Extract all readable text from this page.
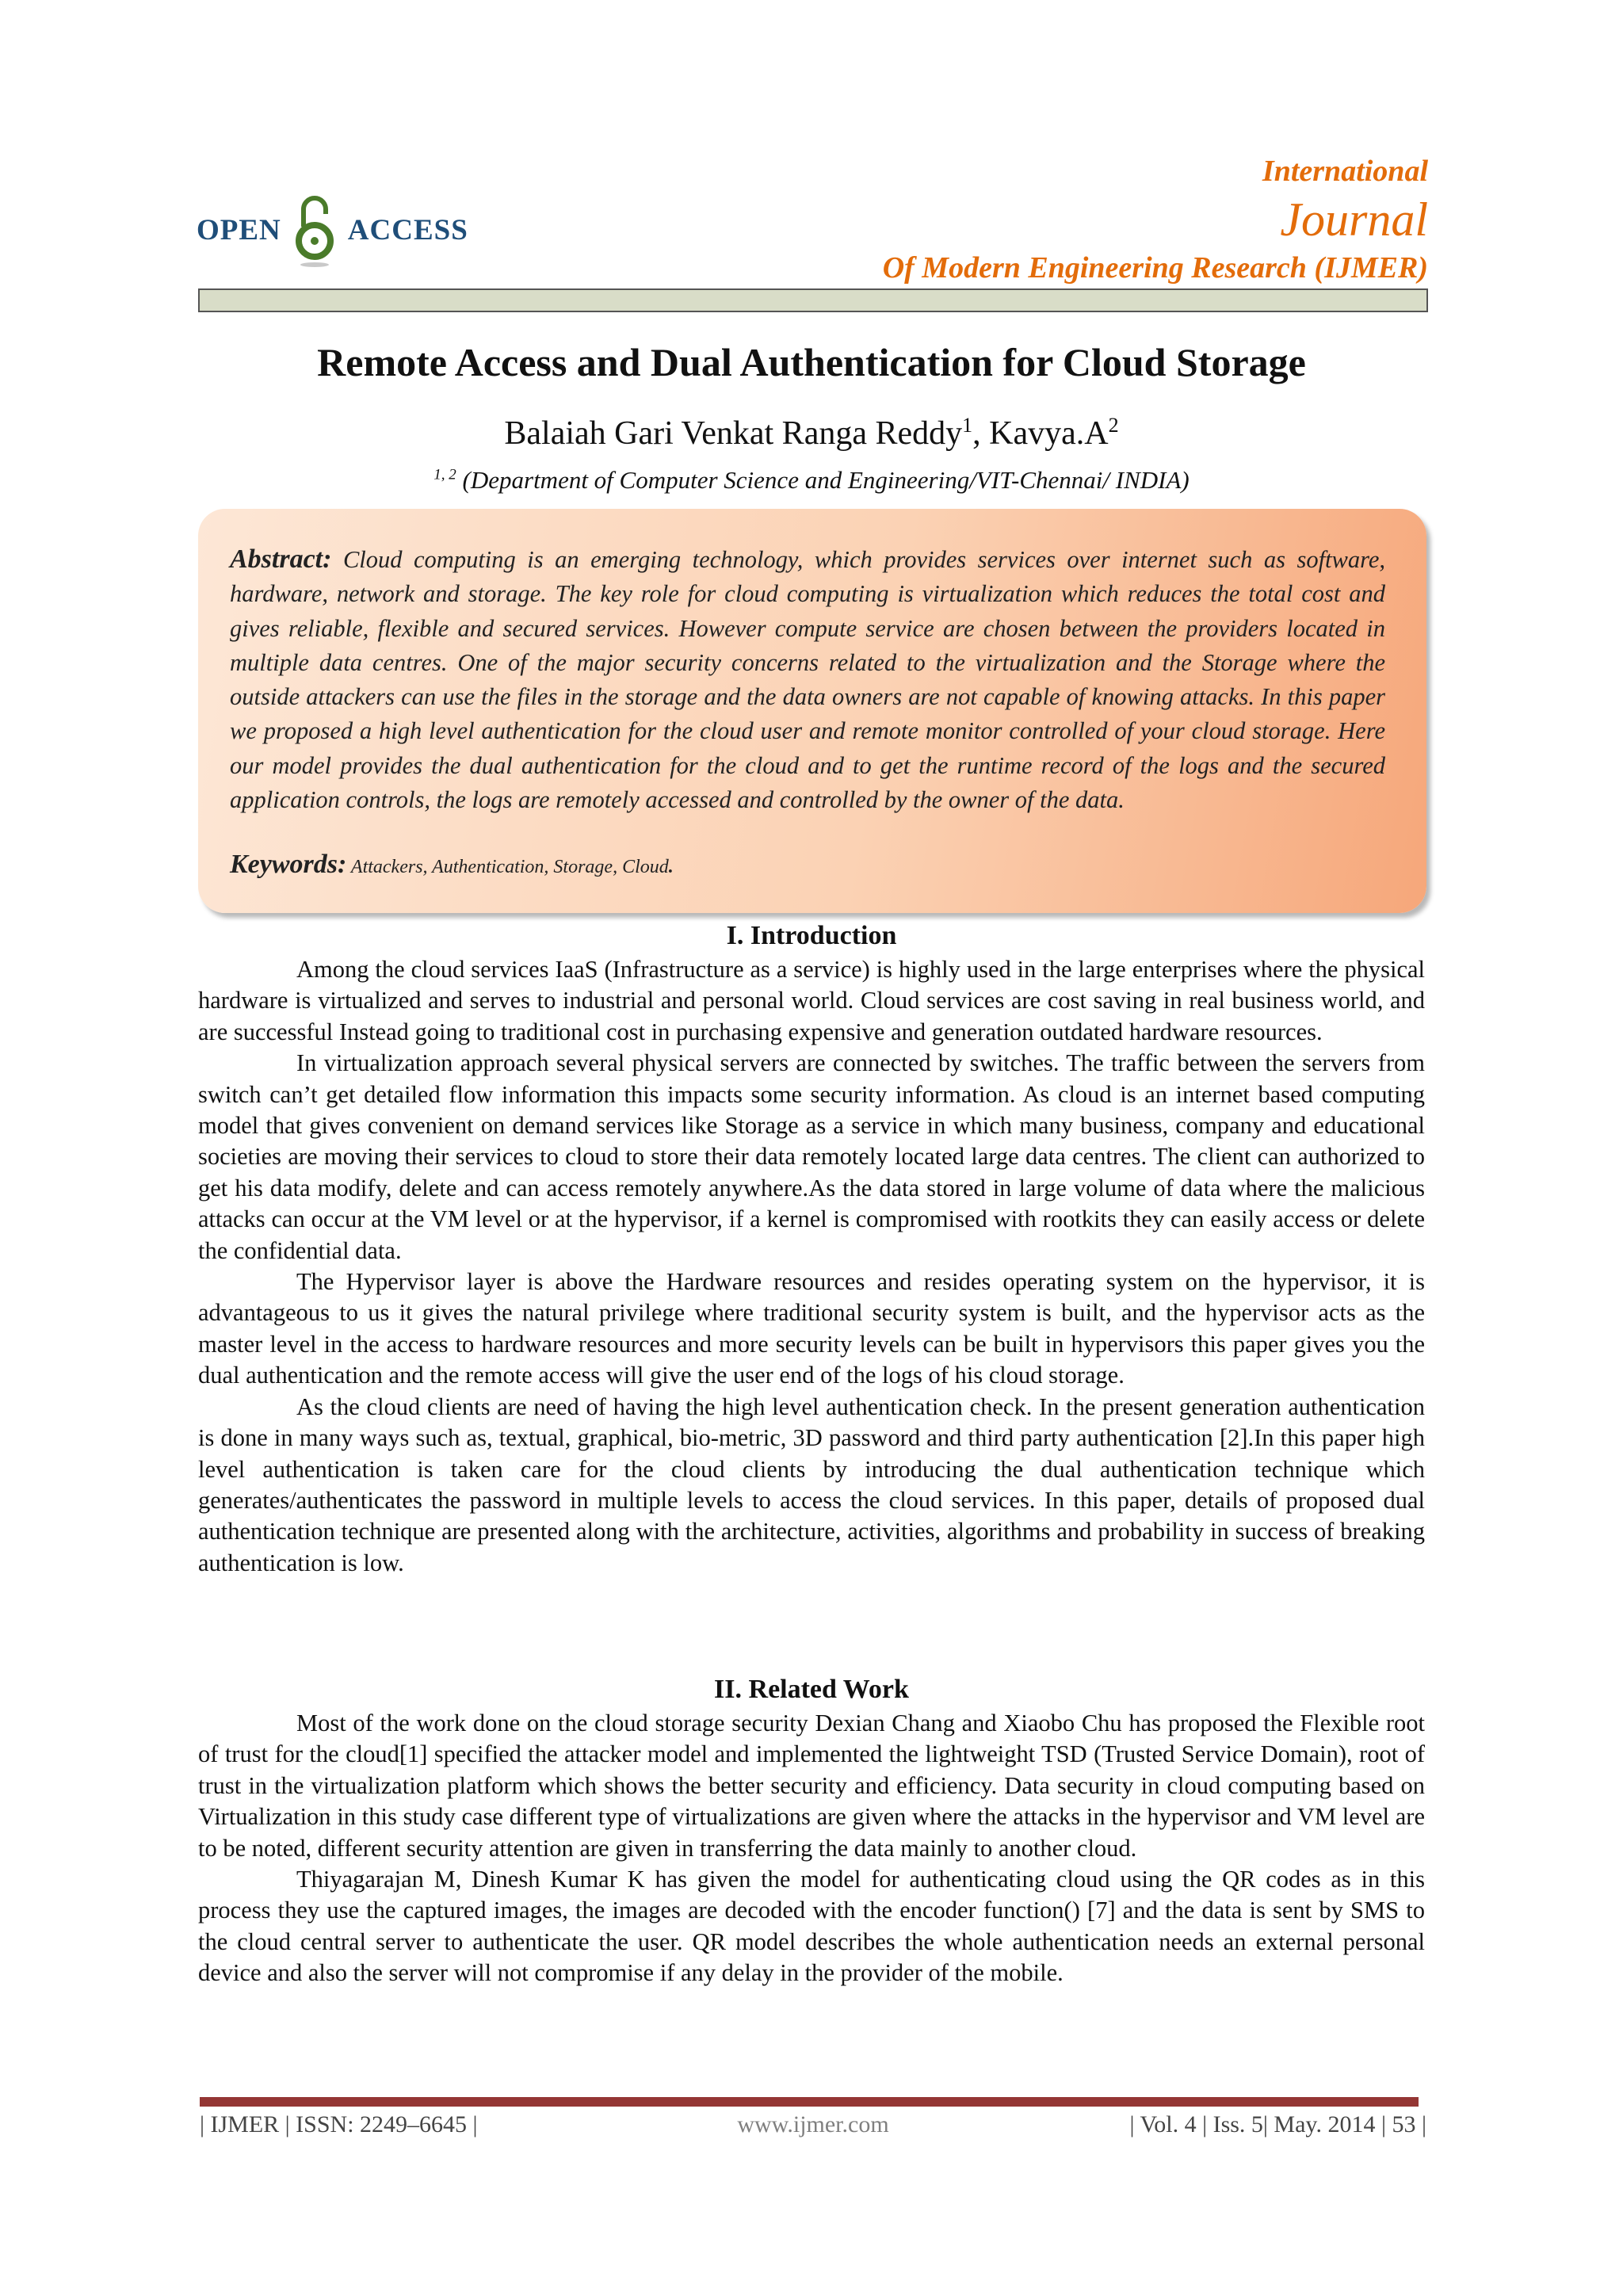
OPEN ACCESS
International
Journal
Of Modern Engineering Research (IJMER)
Remote Access and Dual Authentication for Cloud Storage
Balaiah Gari Venkat Ranga Reddy$^1$, $Kavya.A^2$
$^{1, 2}$ (Department of Computer Science and Engineering/VIT-Chennai/ INDIA)
Abstract: Cloud computing is an emerging technology, which provides services over internet such as software, hardware, network and storage. The key role for cloud computing is virtualization which reduces the total cost and gives reliable, flexible and secured services. However compute service are chosen between the providers located in multiple data centres. One of the major security concerns related to the virtualization and the Storage where the outside attackers can use the files in the storage and the data owners are not capable of knowing attacks. In this paper we proposed a high level authentication for the cloud user and remote monitor controlled of your cloud storage. Here our model provides the dual authentication for the cloud and to get the runtime record of the logs and the secured application controls, the logs are remotely accessed and controlled by the owner of the data.
Keywords: Attackers, Authentication, Storage, Cloud.
I. Introduction

Among the cloud services IaaS (Infrastructure as a service) is highly used in the large enterprises where the physical hardware is virtualized and serves to industrial and personal world. Cloud services are cost saving in real business world, and are successful Instead going to traditional cost in purchasing expensive and generation outdated hardware resources.

In virtualization approach several physical servers are connected by switches. The traffic between the servers from switch can’t get detailed flow information this impacts some security information. As cloud is an internet based computing model that gives convenient on demand services like Storage as a service in which many business, company and educational societies are moving their services to cloud to store their data remotely located large data centres. The client can authorized to get his data modify, delete and can access remotely anywhere.As the data stored in large volume of data where the malicious attacks can occur at the VM level or at the hypervisor, if a kernel is compromised with rootkits they can easily access or delete the confidential data.

The Hypervisor layer is above the Hardware resources and resides operating system on the hypervisor, it is advantageous to us it gives the natural privilege where traditional security system is built, and the hypervisor acts as the master level in the access to hardware resources and more security levels can be built in hypervisors this paper gives you the dual authentication and the remote access will give the user end of the logs of his cloud storage.

As the cloud clients are need of having the high level authentication check. In the present generation authentication is done in many ways such as, textual, graphical, bio-metric, 3D password and third party authentication [2].In this paper high level authentication is taken care for the cloud clients by introducing the dual authentication technique which generates/authenticates the password in multiple levels to access the cloud services. In this paper, details of proposed dual authentication technique are presented along with the architecture, activities, algorithms and probability in success of breaking authentication is low.

II. Related Work

Most of the work done on the cloud storage security Dexian Chang and Xiaobo Chu has proposed the Flexible root of trust for the cloud[1] specified the attacker model and implemented the lightweight TSD (Trusted Service Domain), root of trust in the virtualization platform which shows the better security and efficiency. Data security in cloud computing based on Virtualization in this study case different type of virtualizations are given where the attacks in the hypervisor and VM level are to be noted, different security attention are given in transferring the data mainly to another cloud.

Thiyagarajan M, Dinesh Kumar K has given the model for authenticating cloud using the QR codes as in this process they use the captured images, the images are decoded with the encoder function() [7] and the data is sent by SMS to the cloud central server to authenticate the user. QR model describes the whole authentication needs an external personal device and also the server will not compromise if any delay in the provider of the mobile.

| IJMER | ISSN: 2249–6645 |	www.ijmer.com	| Vol. 4 | Iss. 5| May. 2014 | 53 |
